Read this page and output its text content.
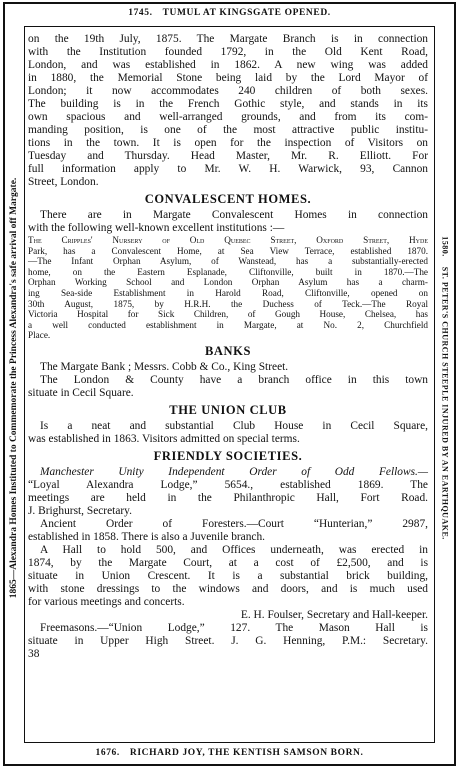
1745. TUMUL AT KINGSGATE OPENED.
1676. RICHARD JOY, THE KENTISH SAMSON BORN.
1865—Alexandra Homes Instituted to Commemorate the Princess Alexandra's safe arrival off Margate.	1580.ST. PETER'S CHURCH STEEPLE INJURED BY AN EARTHQUAKE.
on the 19th July, 1875. The Margate Branch is in connection
with the Institution founded 1792, in the Old Kent Road,
London, and was established in 1862. A new wing was added
in 1880, the Memorial Stone being laid by the Lord Mayor of
London; it now accommodates 240 children of both sexes.
The building is in the French Gothic style, and stands in its
own spacious and well-arranged grounds, and from its com-
manding position, is one of the most attractive public institu-
tions in the town. It is open for the inspection of Visitors on
Tuesday and Thursday. Head Master, Mr. R. Elliott. For
full information apply to Mr. W. H. Warwick, 93, Cannon
Street, London.
CONVALESCENT HOMES.
There are in Margate Convalescent Homes in connection
with the following well-known excellent institutions :—
The Cripples' Nursery of Old Quebec Street, Oxford Street, Hyde
Park, has a Convalescent Home, at Sea View Terrace, established 1870.
—The Infant Orphan Asylum, of Wanstead, has a substantially-erected
home, on the Eastern Esplanade, Cliftonville, built in 1870.—The
Orphan Working School and London Orphan Asylum has a charm-
ing Sea-side Establishment in Harold Road, Cliftonville, opened on
30th August, 1875, by H.R.H. the Duchess of Teck.—The Royal
Victoria Hospital for Sick Children, of Gough House, Chelsea, has
a well conducted establishment in Margate, at No. 2, Churchfield
Place.
BANKS
The Margate Bank ; Messrs. Cobb & Co., King Street.
The London & County have a branch office in this town
situate in Cecil Square.
THE UNION CLUB
Is a neat and substantial Club House in Cecil Square,
was established in 1863. Visitors admitted on special terms.
FRIENDLY SOCIETIES.
Manchester Unity Independent Order of Odd Fellows.—
“Loyal Alexandra Lodge,” 5654., established 1869. The
meetings are held in the Philanthropic Hall, Fort Road.
J. Brighurst, Secretary.
Ancient Order of Foresters.—Court “Hunterian,” 2987,
established in 1858. There is also a Juvenile branch.
A Hall to hold 500, and Offices underneath, was erected in
1874, by the Margate Court, at a cost of £2,500, and is
situate in Union Crescent. It is a substantial brick building,
with stone dressings to the windows and doors, and is much used
for various meetings and concerts.
E. H. Foulser, Secretary and Hall-keeper.
Freemasons.—“Union Lodge,” 127. The Mason Hall is
situate in Upper High Street. J. G. Henning, P.M.: Secretary.
38
